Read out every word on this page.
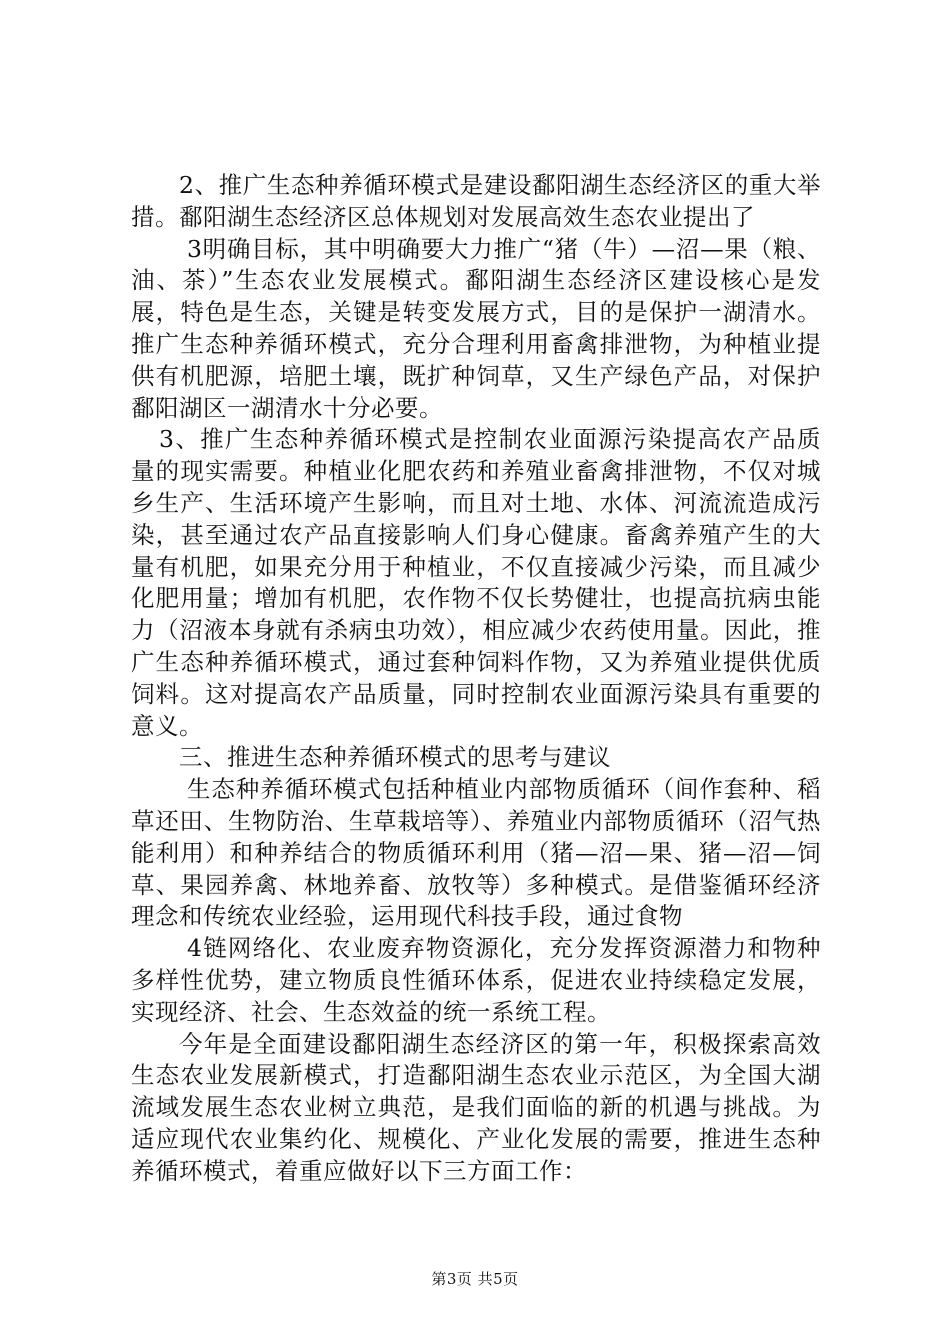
2、推广生态种养循环模式是建设鄱阳湖生态经济区的重大举措。鄱阳湖生态经济区总体规划对发展高效生态农业提出了

3明确目标，其中明确要大力推广“猪（牛）—沼—果（粮、油、茶）”生态农业发展模式。鄱阳湖生态经济区建设核心是发展，特色是生态，关键是转变发展方式，目的是保护一湖清水。推广生态种养循环模式，充分合理利用畜禽排泄物，为种植业提供有机肥源，培肥土壤，既扩种饲草，又生产绿色产品，对保护鄱阳湖区一湖清水十分必要。

3、推广生态种养循环模式是控制农业面源污染提高农产品质量的现实需要。种植业化肥农药和养殖业畜禽排泄物，不仅对城乡生产、生活环境产生影响，而且对土地、水体、河流流造成污染，甚至通过农产品直接影响人们身心健康。畜禽养殖产生的大量有机肥，如果充分用于种植业，不仅直接减少污染，而且减少化肥用量；增加有机肥，农作物不仅长势健壮，也提高抗病虫能力（沼液本身就有杀病虫功效），相应减少农药使用量。因此，推广生态种养循环模式，通过套种饲料作物，又为养殖业提供优质饲料。这对提高农产品质量，同时控制农业面源污染具有重要的意义。

三、推进生态种养循环模式的思考与建议

生态种养循环模式包括种植业内部物质循环（间作套种、稻草还田、生物防治、生草栽培等）、养殖业内部物质循环（沼气热能利用）和种养结合的物质循环利用（猪—沼—果、猪—沼—饲草、果园养禽、林地养畜、放牧等）多种模式。是借鉴循环经济理念和传统农业经验，运用现代科技手段，通过食物

4链网络化、农业废弃物资源化，充分发挥资源潜力和物种多样性优势，建立物质良性循环体系，促进农业持续稳定发展，实现经济、社会、生态效益的统一系统工程。

今年是全面建设鄱阳湖生态经济区的第一年，积极探索高效生态农业发展新模式，打造鄱阳湖生态农业示范区，为全国大湖流域发展生态农业树立典范，是我们面临的新的机遇与挑战。为适应现代农业集约化、规模化、产业化发展的需要，推进生态种养循环模式，着重应做好以下三方面工作：

第3页 共5页
